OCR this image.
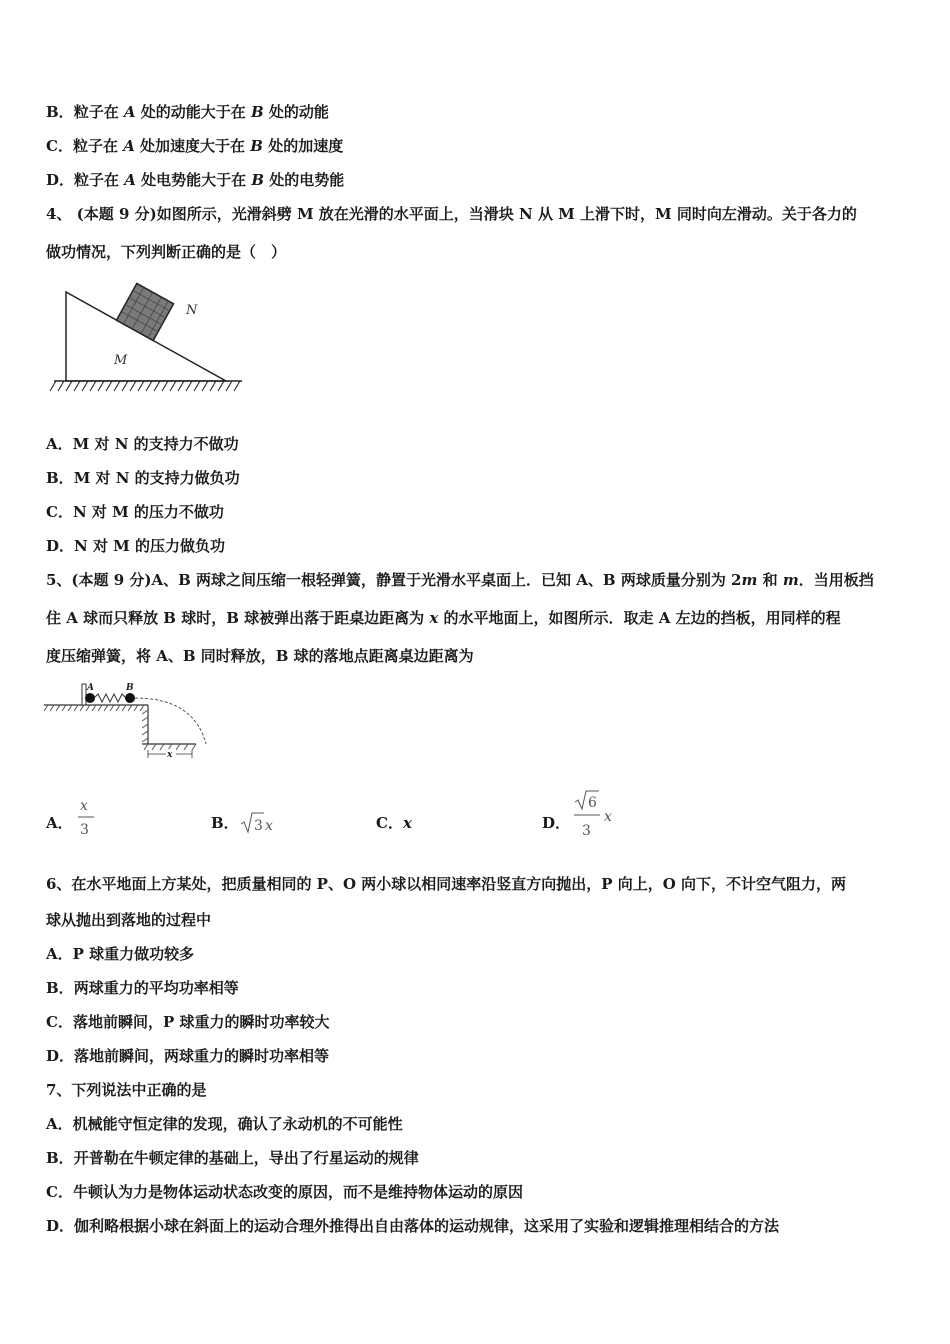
B．粒子在 A 处的动能大于在 B 处的动能
C．粒子在 A 处加速度大于在 B 处的加速度
D．粒子在 A 处电势能大于在 B 处的电势能
4、 (本题 9 分)如图所示，光滑斜劈 M 放在光滑的水平面上，当滑块 N 从 M 上滑下时，M 同时向左滑动。关于各力的
做功情况，下列判断正确的是（　）
N
M
A．M 对 N 的支持力不做功
B．M 对 N 的支持力做负功
C．N 对 M 的压力不做功
D．N 对 M 的压力做负功
5、(本题 9 分)A、B 两球之间压缩一根轻弹簧，静置于光滑水平桌面上．已知 A、B 两球质量分别为 2m 和 m．当用板挡
住 A 球而只释放 B 球时，B 球被弹出落于距桌边距离为 x 的水平地面上，如图所示．取走 A 左边的挡板，用同样的程
度压缩弹簧，将 A、B 同时释放，B 球的落地点距离桌边距离为
A	B
x
A．
x
3	B． 3 x	C．x	D．
6
3
x
6、在水平地面上方某处，把质量相同的 P、O 两小球以相同速率沿竖直方向抛出，P 向上，O 向下，不计空气阻力，两
球从抛出到落地的过程中
A．P 球重力做功较多
B．两球重力的平均功率相等
C．落地前瞬间，P 球重力的瞬时功率较大
D．落地前瞬间，两球重力的瞬时功率相等
7、下列说法中正确的是
A．机械能守恒定律的发现，确认了永动机的不可能性
B．开普勒在牛顿定律的基础上，导出了行星运动的规律
C．牛顿认为力是物体运动状态改变的原因，而不是维持物体运动的原因
D．伽利略根据小球在斜面上的运动合理外推得出自由落体的运动规律，这采用了实验和逻辑推理相结合的方法
